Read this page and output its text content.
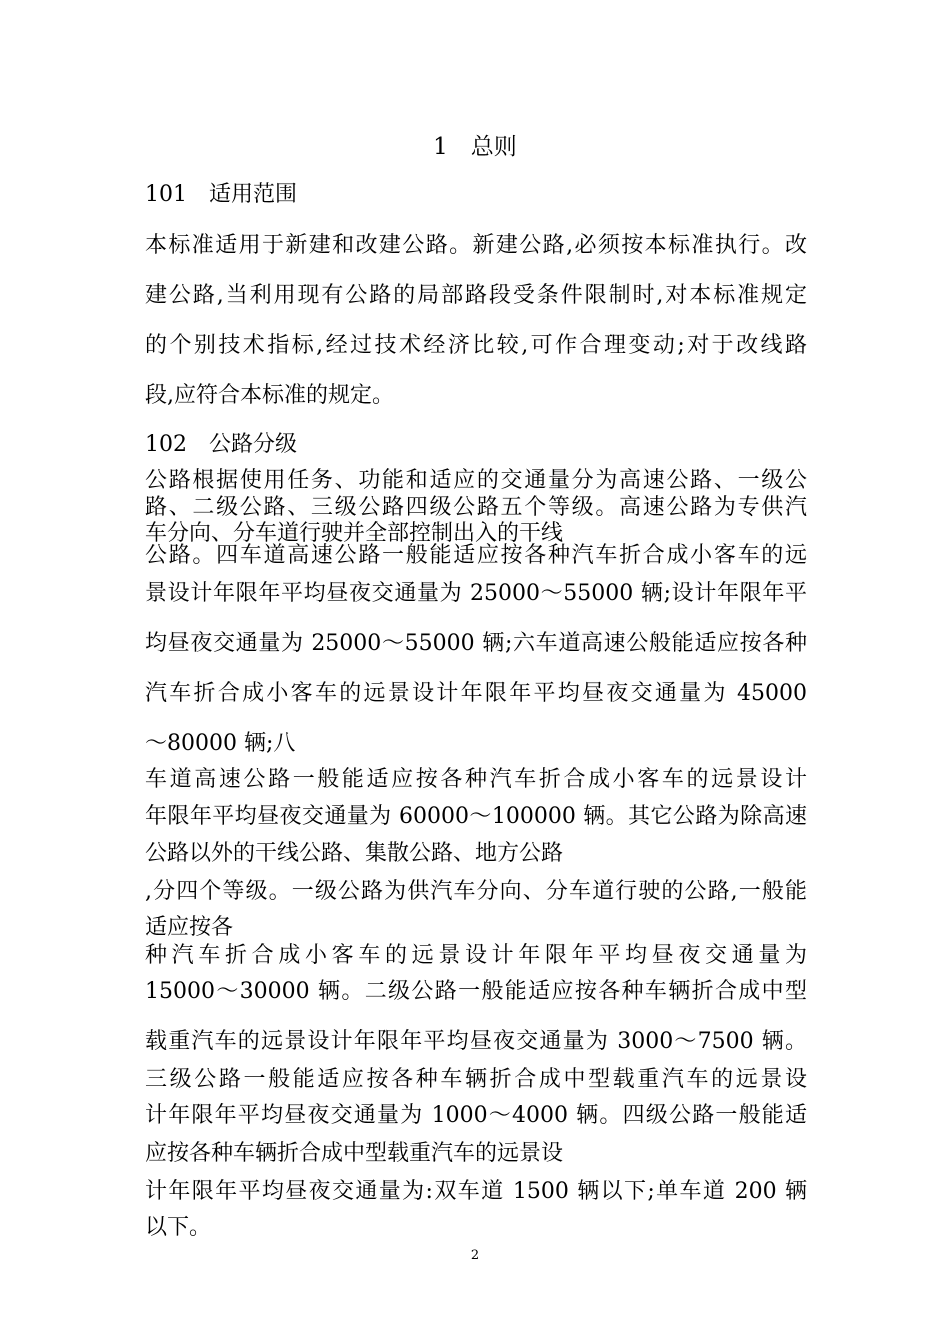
1　总则

101　适用范围

本标准适用于新建和改建公路。新建公路,必须按本标准执行。改

建公路,当利用现有公路的局部路段受条件限制时,对本标准规定

的个别技术指标,经过技术经济比较,可作合理变动;对于改线路

段,应符合本标准的规定。

102　公路分级

公路根据使用任务、功能和适应的交通量分为高速公路、一级公

路、二级公路、三级公路四级公路五个等级。高速公路为专供汽

车分向、分车道行驶并全部控制出入的干线

公路。四车道高速公路一般能适应按各种汽车折合成小客车的远

景设计年限年平均昼夜交通量为 25000～55000 辆;设计年限年平

均昼夜交通量为 25000～55000 辆;六车道高速公般能适应按各种

汽车折合成小客车的远景设计年限年平均昼夜交通量为 45000

～80000 辆;八

车道高速公路一般能适应按各种汽车折合成小客车的远景设计

年限年平均昼夜交通量为 60000～100000 辆。其它公路为除高速

公路以外的干线公路、集散公路、地方公路

,分四个等级。一级公路为供汽车分向、分车道行驶的公路,一般能

适应按各

种汽车折合成小客车的远景设计年限年平均昼夜交通量为

15000～30000 辆。二级公路一般能适应按各种车辆折合成中型

载重汽车的远景设计年限年平均昼夜交通量为 3000～7500 辆。

三级公路一般能适应按各种车辆折合成中型载重汽车的远景设

计年限年平均昼夜交通量为 1000～4000 辆。四级公路一般能适

应按各种车辆折合成中型载重汽车的远景设

计年限年平均昼夜交通量为:双车道 1500 辆以下;单车道 200 辆

以下。

2
